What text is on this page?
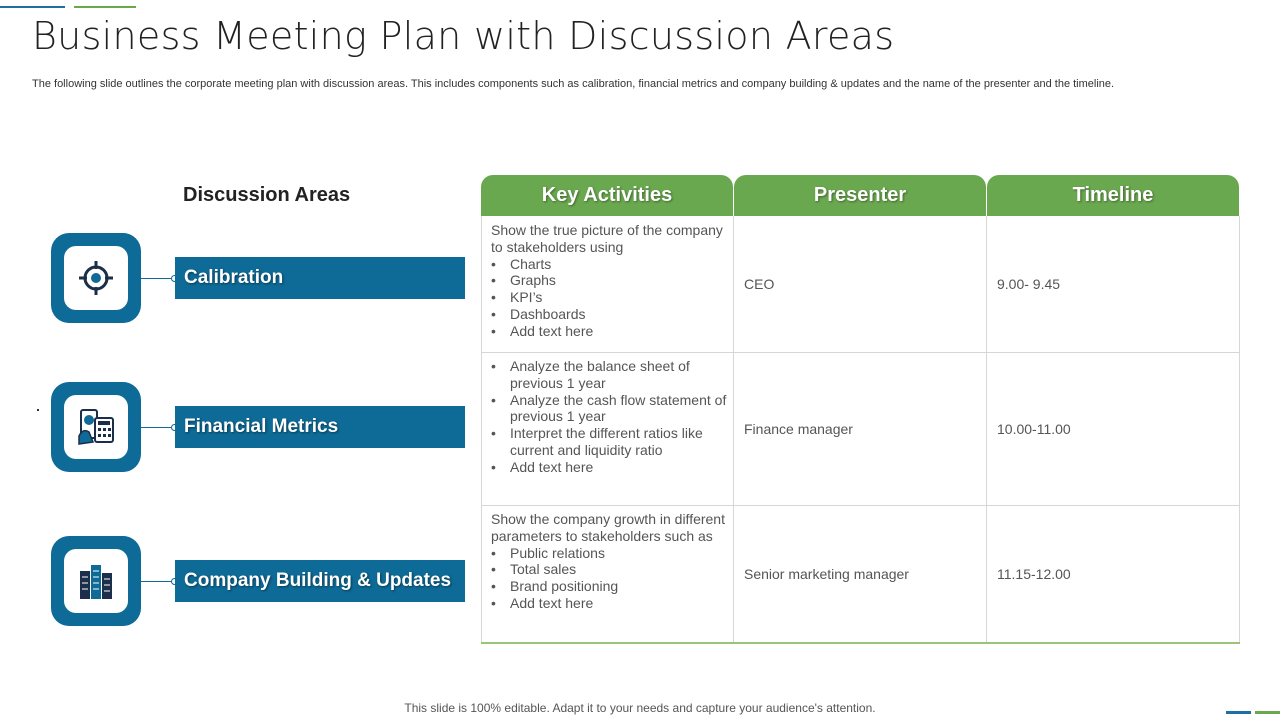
Business Meeting Plan with Discussion Areas
The following slide outlines the corporate meeting plan with discussion areas. This includes components such as calibration, financial metrics and company building & updates and the name of the presenter and the timeline.
Discussion Areas
Calibration
Financial Metrics
Company Building & Updates
Key Activities	Presenter	Timeline
Show the true picture of the company to stakeholders using
• Charts
• Graphs
• KPI’s
• Dashboards
• Add text here
CEO	9.00- 9.45
• Analyze the balance sheet of previous 1 year
• Analyze the cash flow statement of previous 1 year
• Interpret the different ratios like current and liquidity ratio
• Add text here
Finance manager	10.00-11.00
Show the company growth in different parameters to stakeholders such as
• Public relations
• Total sales
• Brand positioning
• Add text here
Senior marketing manager	11.15-12.00
This slide is 100% editable. Adapt it to your needs and capture your audience's attention.
